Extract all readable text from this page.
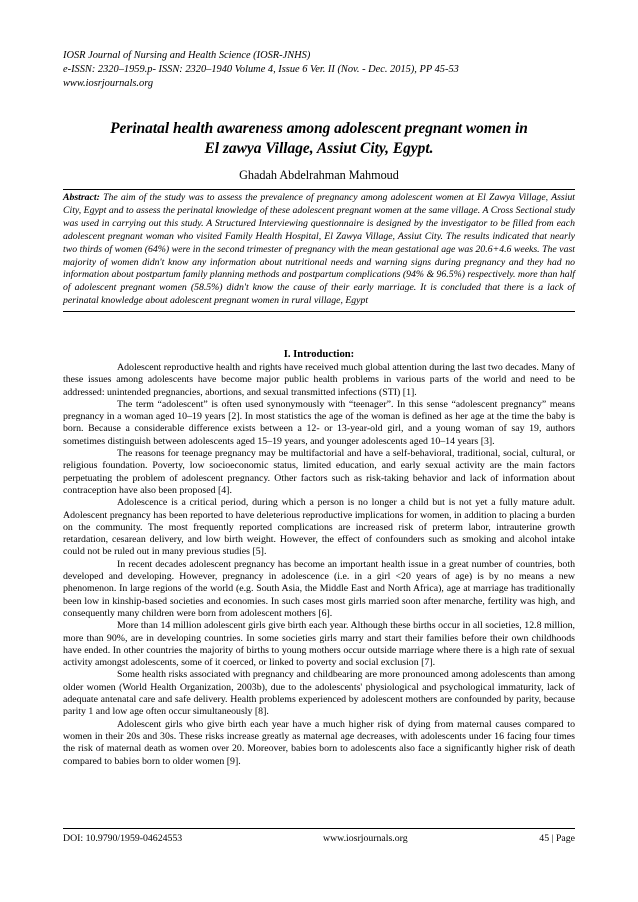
IOSR Journal of Nursing and Health Science (IOSR-JNHS)
e-ISSN: 2320–1959.p- ISSN: 2320–1940 Volume 4, Issue 6 Ver. II (Nov. - Dec. 2015), PP 45-53
www.iosrjournals.org
Perinatal health awareness among adolescent pregnant women in
El zawya Village, Assiut City, Egypt.
Ghadah Abdelrahman Mahmoud
Abstract: The aim of the study was to assess the prevalence of pregnancy among adolescent women at El Zawya Village, Assiut City, Egypt and to assess the perinatal knowledge of these adolescent pregnant women at the same village. A Cross Sectional study was used in carrying out this study. A Structured Interviewing questionnaire is designed by the investigator to be filled from each adolescent pregnant woman who visited Family Health Hospital, El Zawya Village, Assiut City. The results indicated that nearly two thirds of women (64%) were in the second trimester of pregnancy with the mean gestational age was 20.6+4.6 weeks. The vast majority of women didn't know any information about nutritional needs and warning signs during pregnancy and they had no information about postpartum family planning methods and postpartum complications (94% & 96.5%) respectively. more than half of adolescent pregnant women (58.5%) didn't know the cause of their early marriage. It is concluded that there is a lack of perinatal knowledge about adolescent pregnant women in rural village, Egypt
I. Introduction:

Adolescent reproductive health and rights have received much global attention during the last two decades. Many of these issues among adolescents have become major public health problems in various parts of the world and need to be addressed: unintended pregnancies, abortions, and sexual transmitted infections (STI) [1].

The term “adolescent” is often used synonymously with “teenager”. In this sense “adolescent pregnancy” means pregnancy in a woman aged 10–19 years [2]. In most statistics the age of the woman is defined as her age at the time the baby is born. Because a considerable difference exists between a 12- or 13-year-old girl, and a young woman of say 19, authors sometimes distinguish between adolescents aged 15–19 years, and younger adolescents aged 10–14 years [3].

The reasons for teenage pregnancy may be multifactorial and have a self-behavioral, traditional, social, cultural, or religious foundation. Poverty, low socioeconomic status, limited education, and early sexual activity are the main factors perpetuating the problem of adolescent pregnancy. Other factors such as risk-taking behavior and lack of information about contraception have also been proposed [4].

Adolescence is a critical period, during which a person is no longer a child but is not yet a fully mature adult. Adolescent pregnancy has been reported to have deleterious reproductive implications for women, in addition to placing a burden on the community. The most frequently reported complications are increased risk of preterm labor, intrauterine growth retardation, cesarean delivery, and low birth weight. However, the effect of confounders such as smoking and alcohol intake could not be ruled out in many previous studies [5].

In recent decades adolescent pregnancy has become an important health issue in a great number of countries, both developed and developing. However, pregnancy in adolescence (i.e. in a girl <20 years of age) is by no means a new phenomenon. In large regions of the world (e.g. South Asia, the Middle East and North Africa), age at marriage has traditionally been low in kinship-based societies and economies. In such cases most girls married soon after menarche, fertility was high, and consequently many children were born from adolescent mothers [6].

More than 14 million adolescent girls give birth each year. Although these births occur in all societies, 12.8 million, more than 90%, are in developing countries. In some societies girls marry and start their families before their own childhoods have ended. In other countries the majority of births to young mothers occur outside marriage where there is a high rate of sexual activity amongst adolescents, some of it coerced, or linked to poverty and social exclusion [7].

Some health risks associated with pregnancy and childbearing are more pronounced among adolescents than among older women (World Health Organization, 2003b), due to the adolescents' physiological and psychological immaturity, lack of adequate antenatal care and safe delivery. Health problems experienced by adolescent mothers are confounded by parity, because parity 1 and low age often occur simultaneously [8].

Adolescent girls who give birth each year have a much higher risk of dying from maternal causes compared to women in their 20s and 30s. These risks increase greatly as maternal age decreases, with adolescents under 16 facing four times the risk of maternal death as women over 20. Moreover, babies born to adolescents also face a significantly higher risk of death compared to babies born to older women [9].

DOI: 10.9790/1959-04624553	www.iosrjournals.org	45 | Page
